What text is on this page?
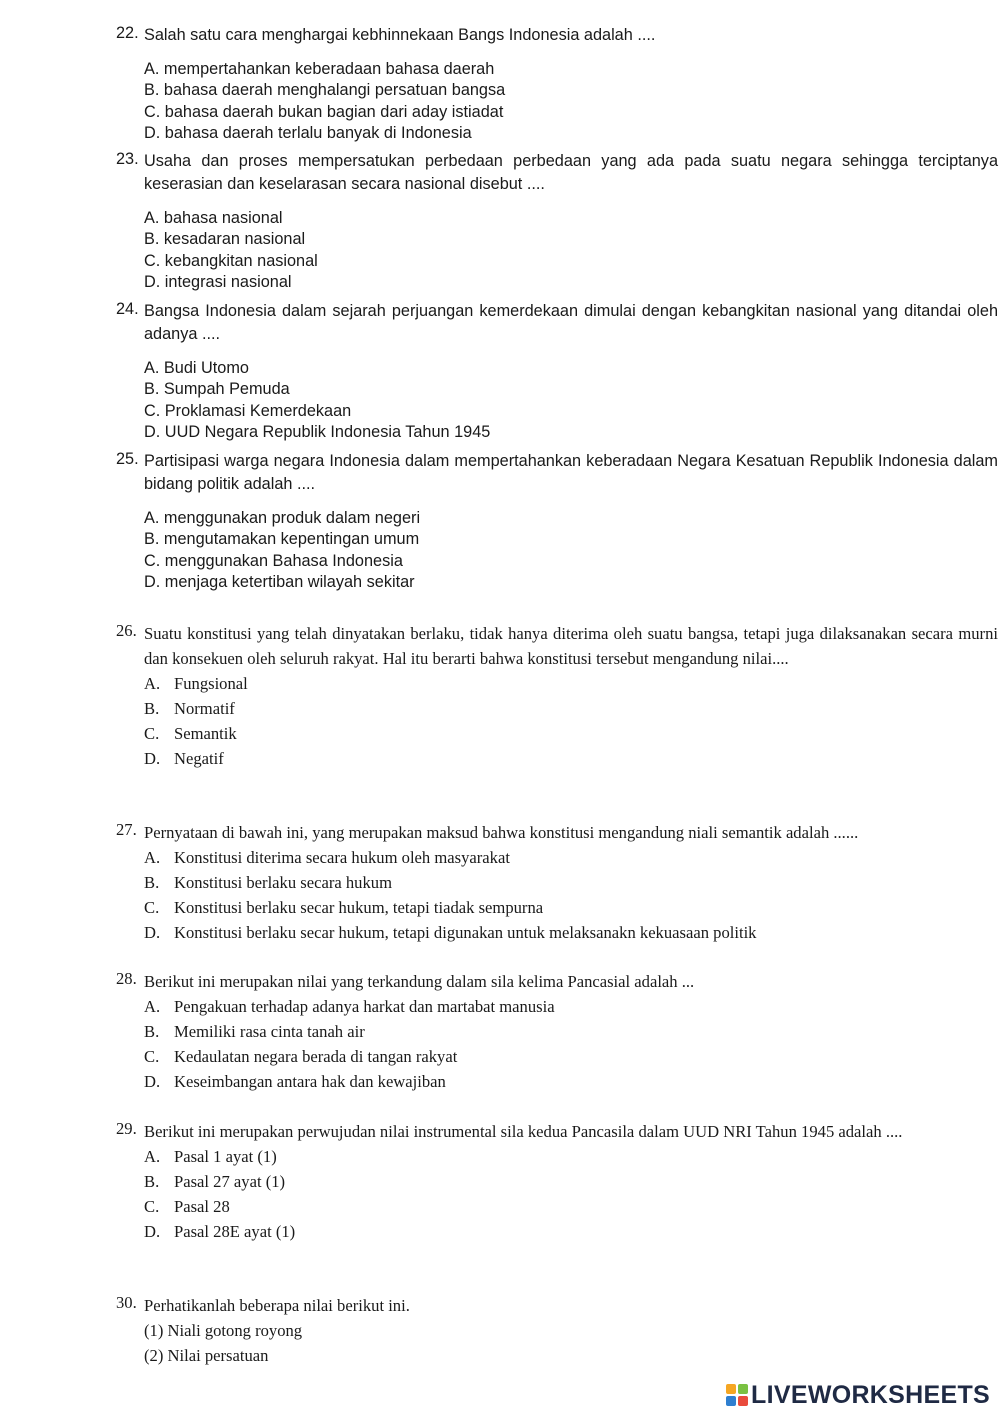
22. Salah satu cara menghargai kebhinnekaan Bangs Indonesia adalah ....
A. mempertahankan keberadaan bahasa daerah
B. bahasa daerah menghalangi persatuan bangsa
C. bahasa daerah bukan bagian dari aday istiadat
D. bahasa daerah terlalu banyak di Indonesia
23. Usaha dan proses mempersatukan perbedaan perbedaan yang ada pada suatu negara sehingga terciptanya keserasian dan keselarasan secara nasional disebut ....
A. bahasa nasional
B. kesadaran nasional
C. kebangkitan nasional
D. integrasi nasional
24. Bangsa Indonesia dalam sejarah perjuangan kemerdekaan dimulai dengan kebangkitan nasional yang ditandai oleh adanya ....
A. Budi Utomo
B. Sumpah Pemuda
C. Proklamasi Kemerdekaan
D. UUD Negara Republik Indonesia Tahun 1945
25. Partisipasi warga negara Indonesia dalam mempertahankan keberadaan Negara Kesatuan Republik Indonesia dalam bidang politik adalah ....
A. menggunakan produk dalam negeri
B. mengutamakan kepentingan umum
C. menggunakan Bahasa Indonesia
D. menjaga ketertiban wilayah sekitar
26. Suatu konstitusi yang telah dinyatakan berlaku, tidak hanya diterima oleh suatu bangsa, tetapi juga dilaksanakan secara murni dan konsekuen oleh seluruh rakyat. Hal itu berarti bahwa konstitusi tersebut mengandung nilai....
A. Fungsional
B. Normatif
C. Semantik
D. Negatif
27. Pernyataan di bawah ini, yang merupakan maksud bahwa konstitusi mengandung niali semantik adalah ......
A. Konstitusi diterima secara hukum oleh masyarakat
B. Konstitusi berlaku secara hukum
C. Konstitusi berlaku secar hukum, tetapi tiadak sempurna
D. Konstitusi berlaku secar hukum, tetapi digunakan untuk melaksanakn kekuasaan politik
28. Berikut ini merupakan nilai yang terkandung dalam sila kelima Pancasial adalah ...
A. Pengakuan terhadap adanya harkat dan martabat manusia
B. Memiliki rasa cinta tanah air
C. Kedaulatan negara berada di tangan rakyat
D. Keseimbangan antara hak dan kewajiban
29. Berikut ini merupakan perwujudan nilai instrumental sila kedua Pancasila dalam UUD NRI Tahun 1945 adalah ....
A. Pasal 1 ayat (1)
B. Pasal 27 ayat (1)
C. Pasal 28
D. Pasal 28E ayat (1)
30. Perhatikanlah beberapa nilai berikut ini.
(1) Niali gotong royong
(2) Nilai persatuan
LIVEWORKSHEETS
